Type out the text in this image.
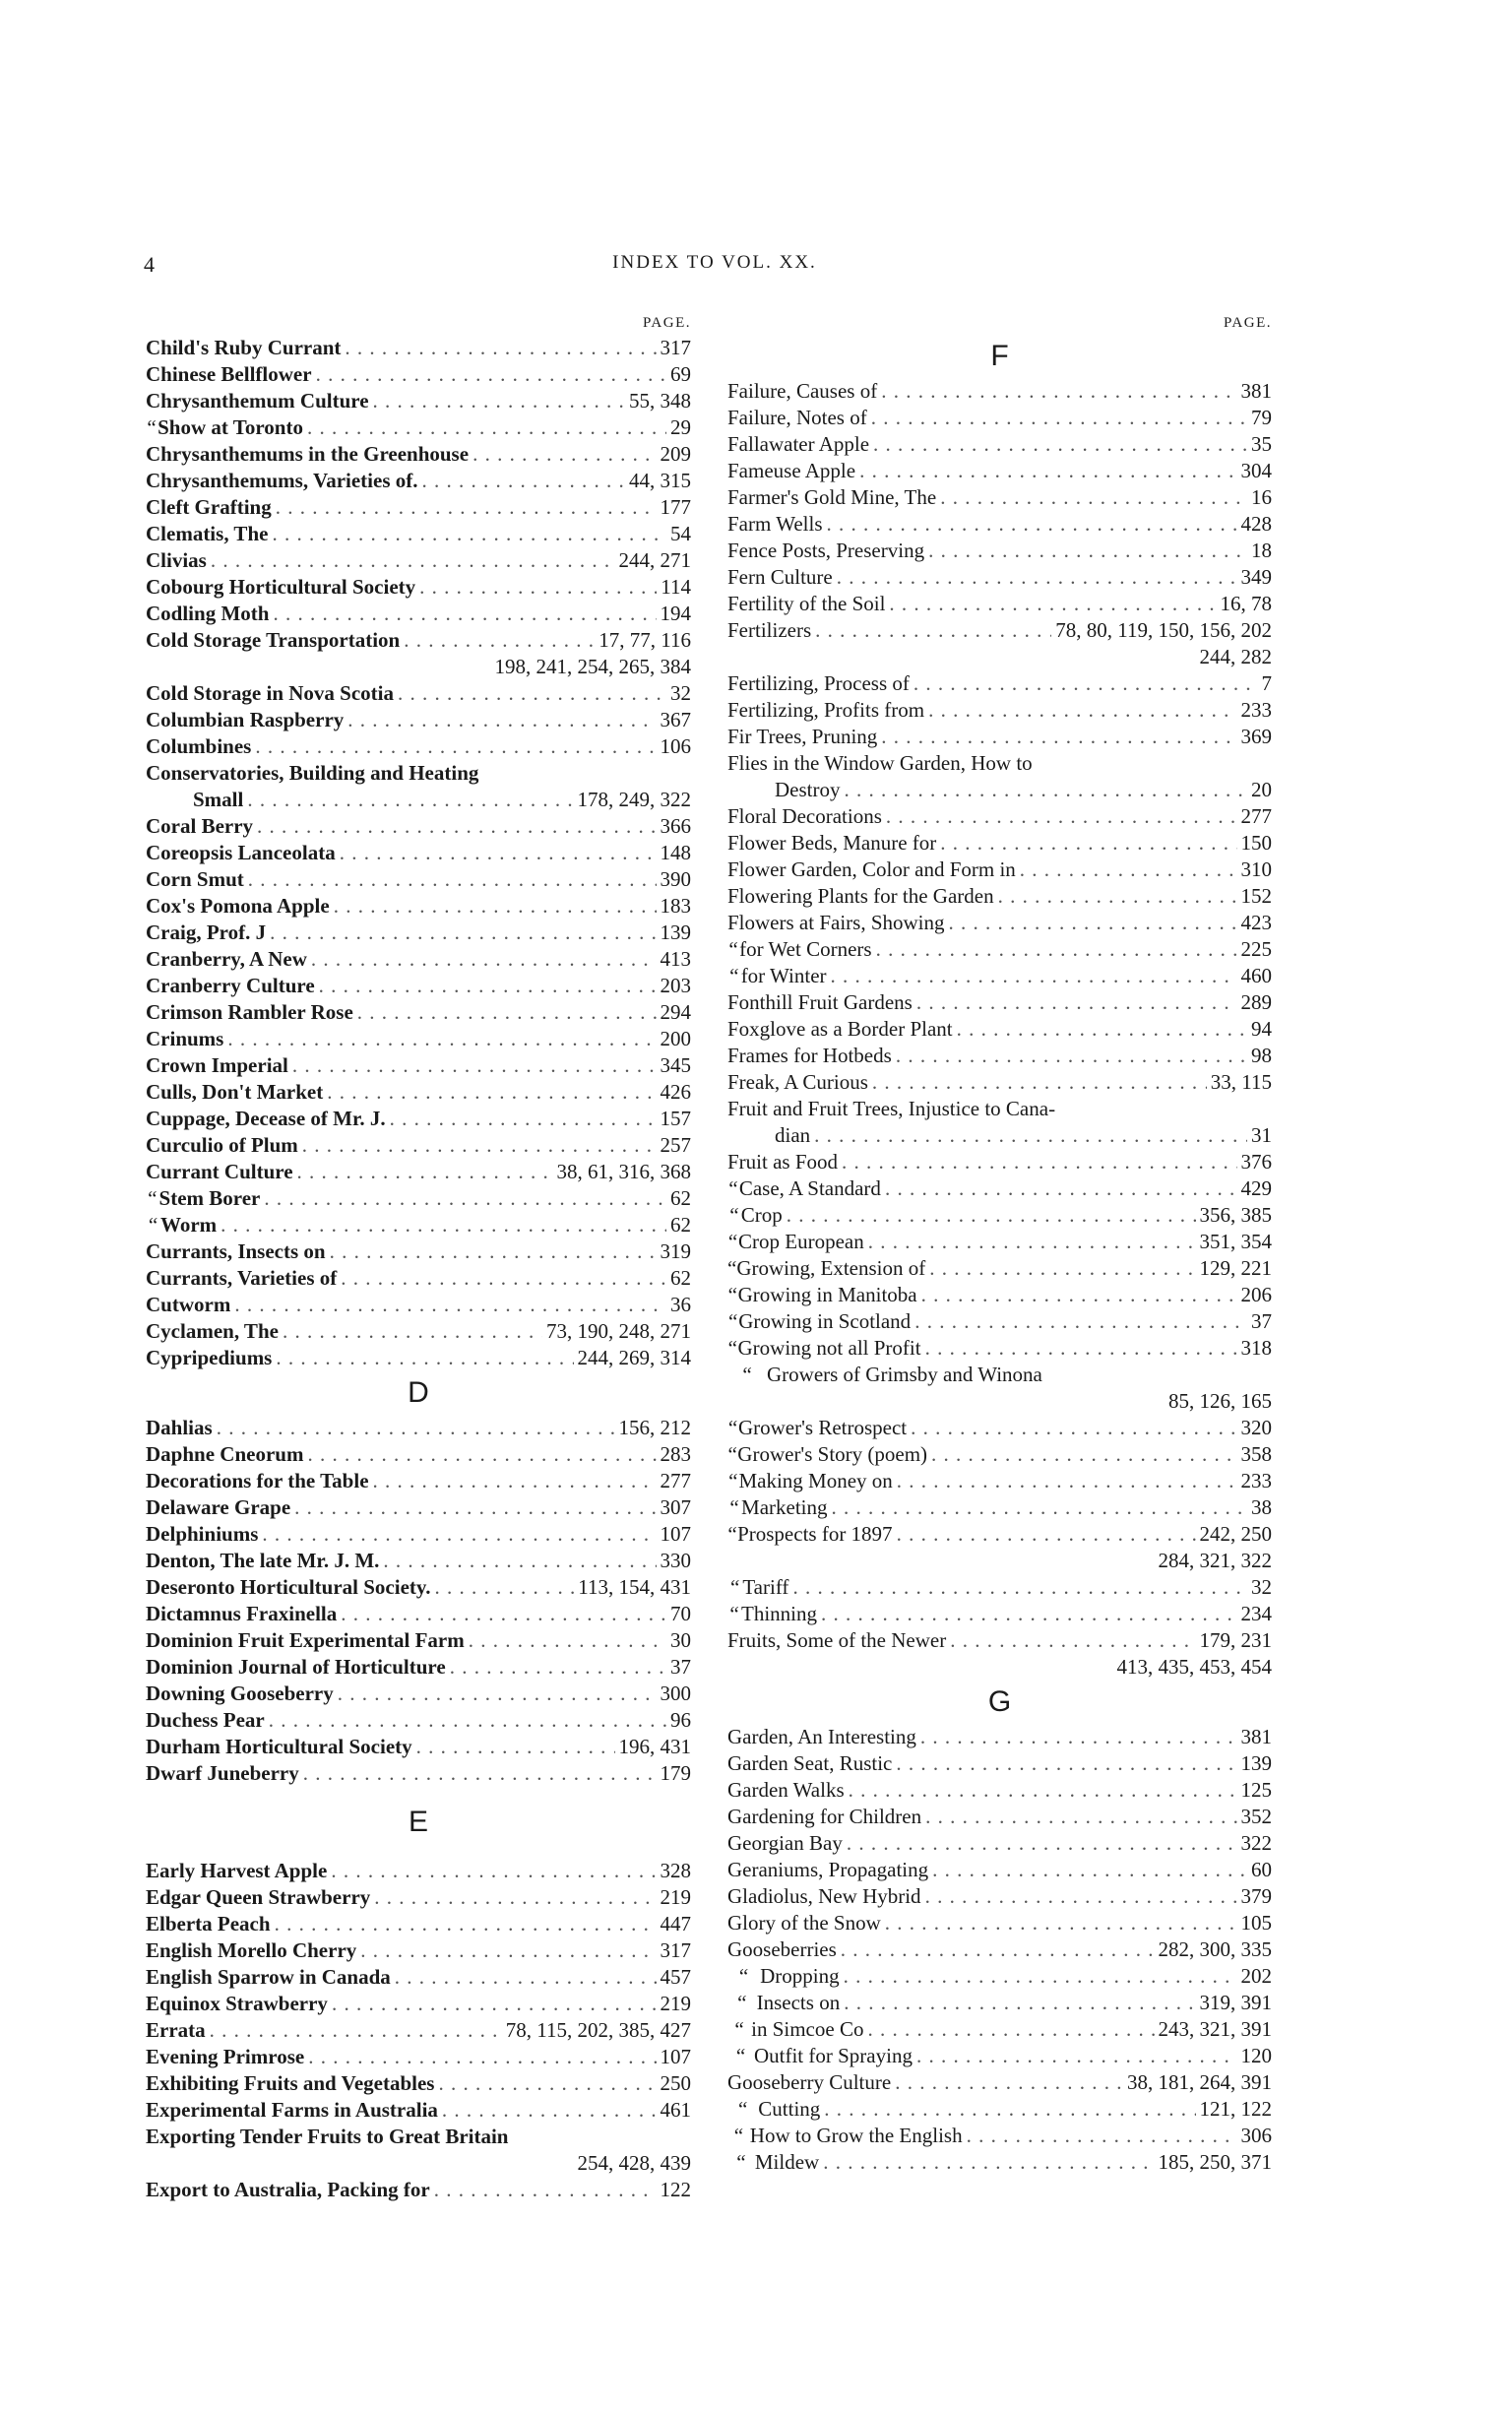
4	INDEX TO VOL. XX.
PAGE.
Child's Ruby Currant . . .	317
Chinese Bellflower . . .	69
Chrysanthemum Culture . . .	55, 348
“ Show at Toronto . . .	29
Chrysanthemums in the Greenhouse . . .	209
Chrysanthemums, Varieties of. . . .	44, 315
Cleft Grafting . . .	177
Clematis, The . . .	54
Clivias . . .	244, 271
Cobourg Horticultural Society . . .	114
Codling Moth . . .	194
Cold Storage Transportation . . .	17, 77, 116
198, 241, 254, 265, 384
Cold Storage in Nova Scotia . . .	32
Columbian Raspberry . . .	367
Columbines . . .	106
Conservatories, Building and Heating
Small . . .	178, 249, 322
Coral Berry . . .	366
Coreopsis Lanceolata . . .	148
Corn Smut . . .	390
Cox's Pomona Apple . . .	183
Craig, Prof. J . . .	139
Cranberry, A New . . .	413
Cranberry Culture . . .	203
Crimson Rambler Rose . . .	294
Crinums . . .	200
Crown Imperial . . .	345
Culls, Don't Market . . .	426
Cuppage, Decease of Mr. J. . . .	157
Curculio of Plum . . .	257
Currant Culture . . .	38, 61, 316, 368
“ Stem Borer . . .	62
“ Worm . . .	62
Currants, Insects on . . .	319
Currants, Varieties of . . .	62
Cutworm . . .	36
Cyclamen, The . . .	73, 190, 248, 271
Cypripediums . . .	244, 269, 314
D
Dahlias . . .	156, 212
Daphne Cneorum . . .	283
Decorations for the Table . . .	277
Delaware Grape . . .	307
Delphiniums . . .	107
Denton, The late Mr. J. M. . . .	330
Deseronto Horticultural Society. . . .	113, 154, 431
Dictamnus Fraxinella . . .	70
Dominion Fruit Experimental Farm . . .	30
Dominion Journal of Horticulture . . .	37
Downing Gooseberry . . .	300
Duchess Pear . . .	96
Durham Horticultural Society . . .	196, 431
Dwarf Juneberry . . .	179
E
Early Harvest Apple . . .	328
Edgar Queen Strawberry . . .	219
Elberta Peach . . .	447
English Morello Cherry . . .	317
English Sparrow in Canada . . .	457
Equinox Strawberry . . .	219
Errata . . .	78, 115, 202, 385, 427
Evening Primrose . . .	107
Exhibiting Fruits and Vegetables . . .	250
Experimental Farms in Australia . . .	461
Exporting Tender Fruits to Great Britain
254, 428, 439
Export to Australia, Packing for . . .	122
PAGE.
F
Failure, Causes of . . .	381
Failure, Notes of . . .	79
Fallawater Apple . . .	35
Fameuse Apple . . .	304
Farmer's Gold Mine, The . . .	16
Farm Wells . . .	428
Fence Posts, Preserving . . .	18
Fern Culture . . .	349
Fertility of the Soil . . .	16, 78
Fertilizers . . .	78, 80, 119, 150, 156, 202
244, 282
Fertilizing, Process of . . .	7
Fertilizing, Profits from . . .	233
Fir Trees, Pruning . . .	369
Flies in the Window Garden, How to
Destroy . . .	20
Floral Decorations . . .	277
Flower Beds, Manure for . . .	150
Flower Garden, Color and Form in . . .	310
Flowering Plants for the Garden . . .	152
Flowers at Fairs, Showing . . .	423
“ for Wet Corners . . .	225
“ for Winter . . .	460
Fonthill Fruit Gardens . . .	289
Foxglove as a Border Plant . . .	94
Frames for Hotbeds . . .	98
Freak, A Curious . . .	33, 115
Fruit and Fruit Trees, Injustice to Cana-
dian . . .	31
Fruit as Food . . .	376
“ Case, A Standard . . .	429
“ Crop . . .	356, 385
“ Crop European . . .	351, 354
“ Growing, Extension of . . .	129, 221
“ Growing in Manitoba . . .	206
“ Growing in Scotland . . .	37
“ Growing not all Profit . . .	318
“ Growers of Grimsby and Winona
85, 126, 165
“ Grower's Retrospect . . .	320
“ Grower's Story (poem) . . .	358
“ Making Money on . . .	233
“ Marketing . . .	38
“ Prospects for 1897 . . .	242, 250
284, 321, 322
“ Tariff . . .	32
“ Thinning . . .	234
Fruits, Some of the Newer . . .	179, 231
413, 435, 453, 454
G
Garden, An Interesting . . .	381
Garden Seat, Rustic . . .	139
Garden Walks . . .	125
Gardening for Children . . .	352
Georgian Bay . . .	322
Geraniums, Propagating . . .	60
Gladiolus, New Hybrid . . .	379
Glory of the Snow . . .	105
Gooseberries . . .	282, 300, 335
“ Dropping . . .	202
“ Insects on . . .	319, 391
“ in Simcoe Co . . .	243, 321, 391
“ Outfit for Spraying . . .	120
Gooseberry Culture . . .	38, 181, 264, 391
“ Cutting . . .	121, 122
“ How to Grow the English . . .	306
“ Mildew . . .	185, 250, 371
